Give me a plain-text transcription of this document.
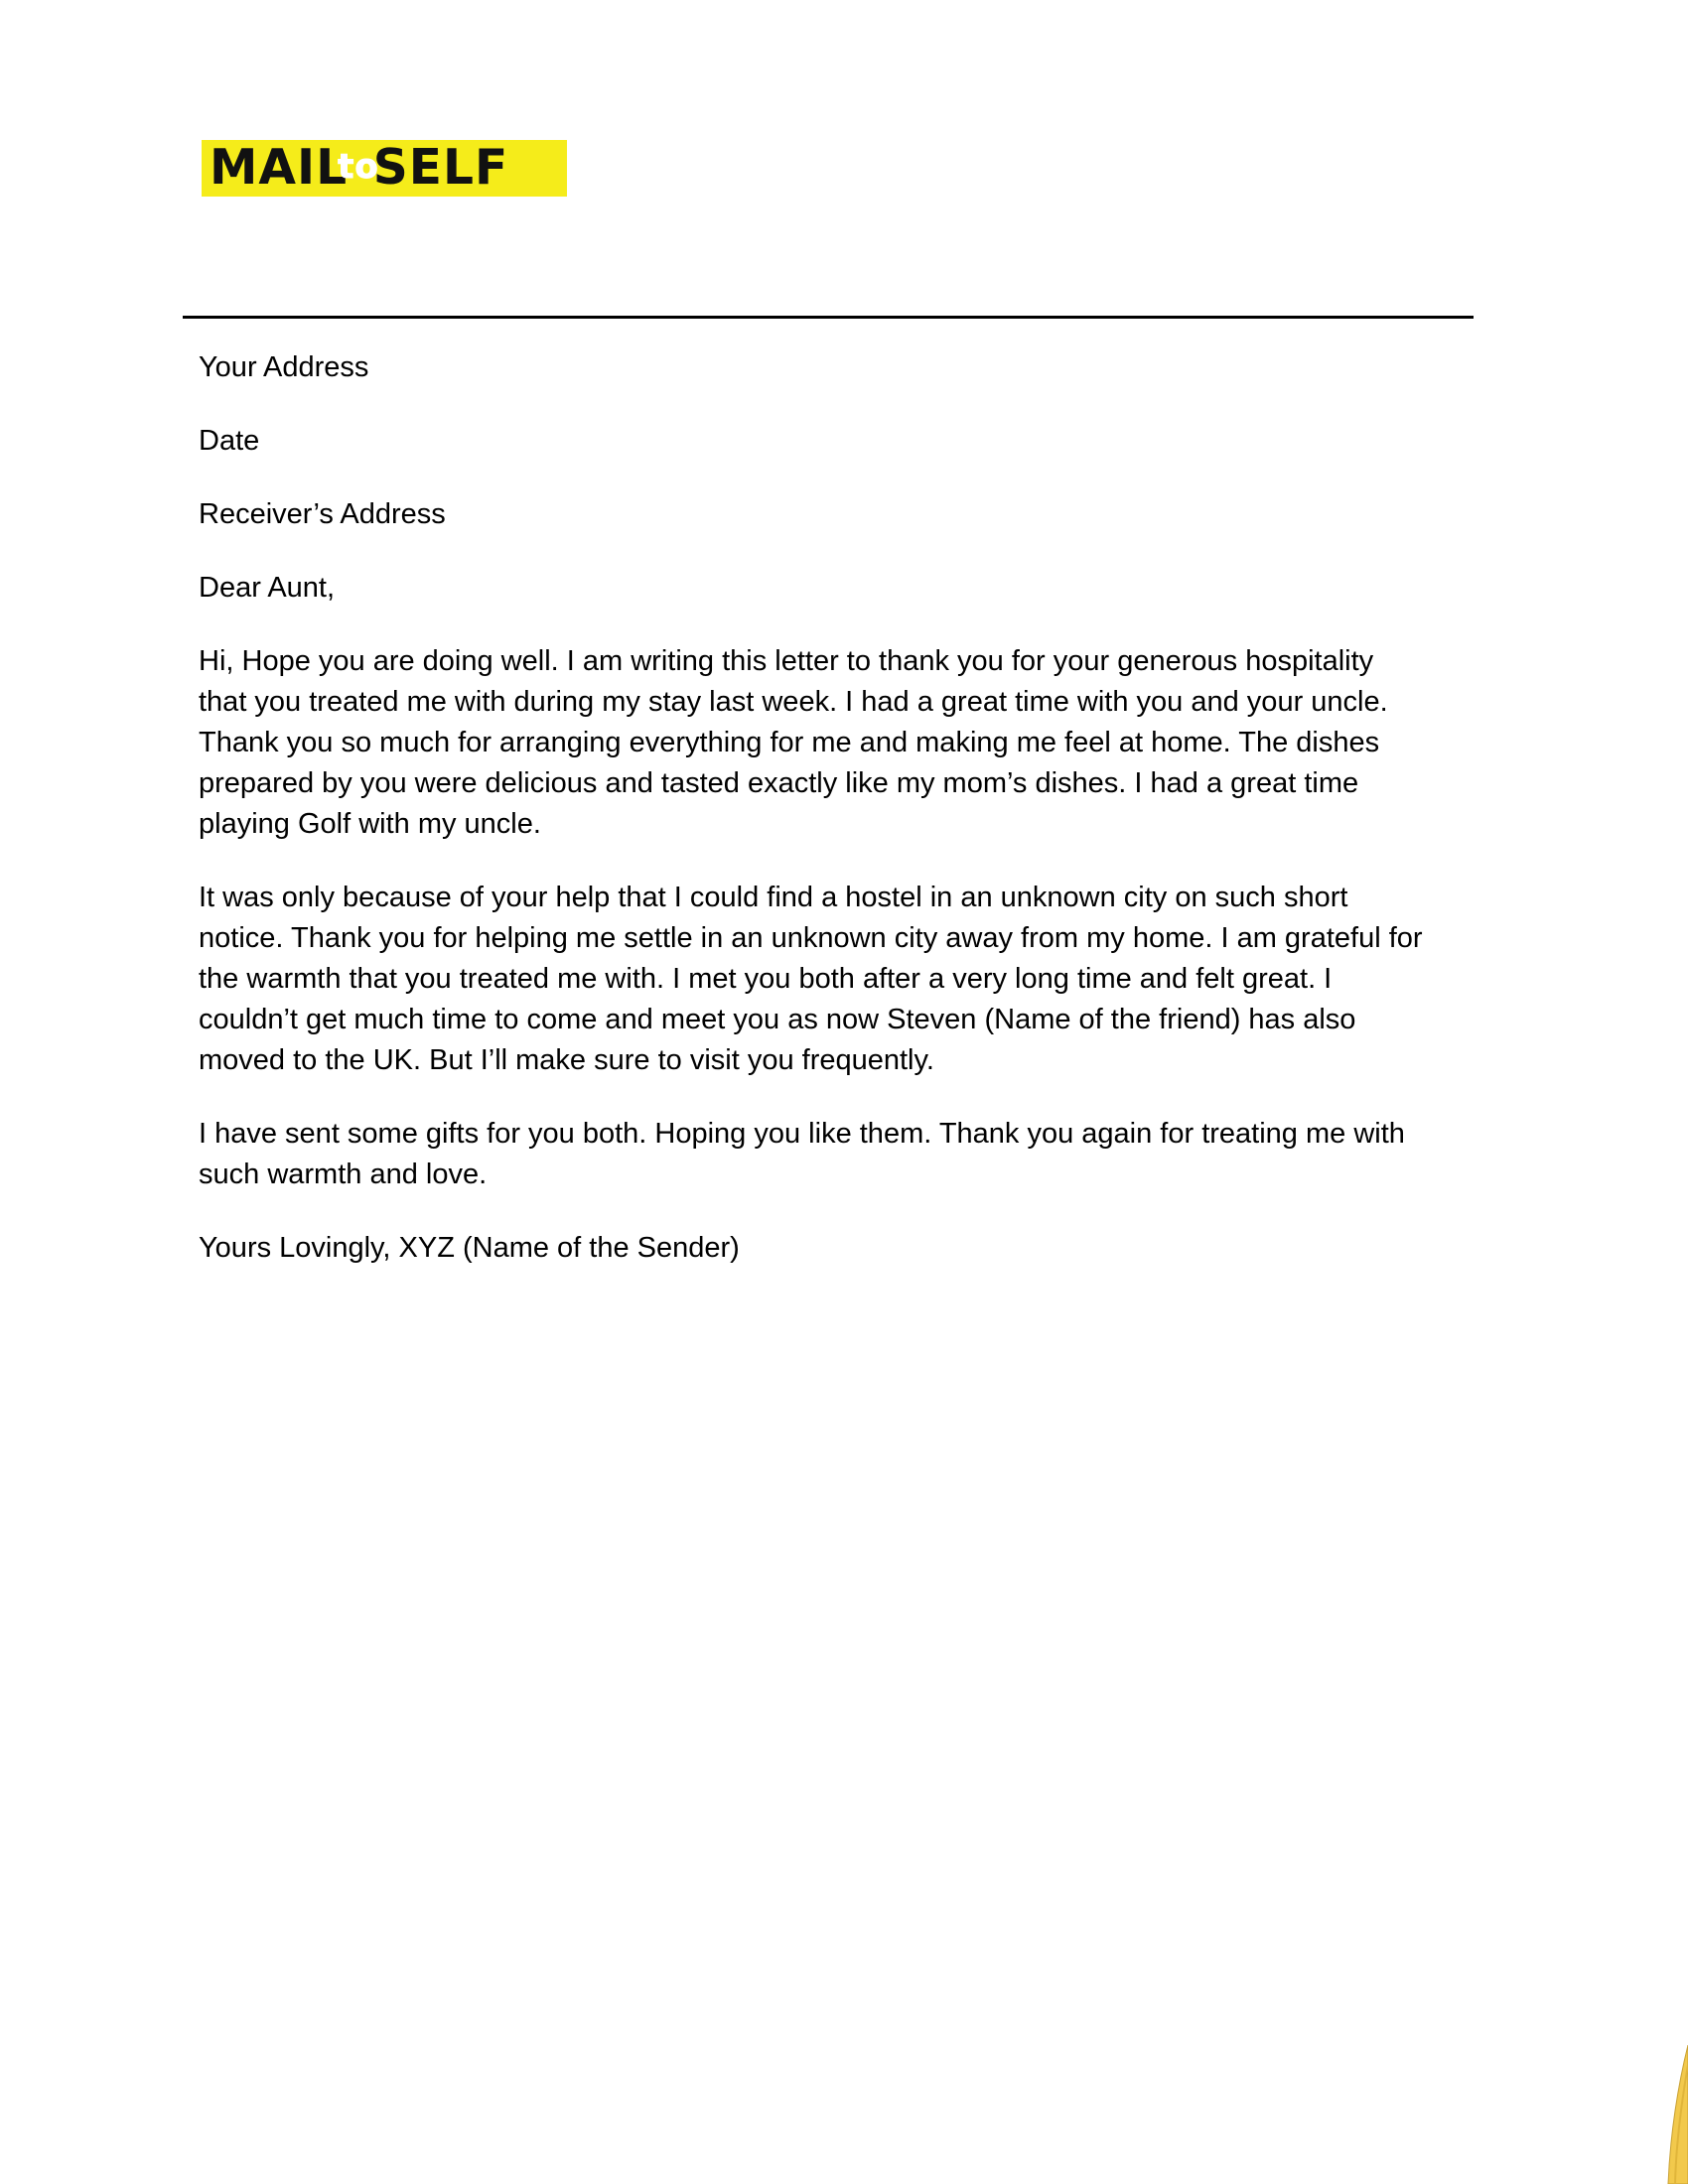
MAIL
to
SELF

Your Address

Date

Receiver’s Address

Dear Aunt,

Hi, Hope you are doing well. I am writing this letter to thank you for your generous hospitality
that you treated me with during my stay last week. I had a great time with you and your uncle.
Thank you so much for arranging everything for me and making me feel at home. The dishes
prepared by you were delicious and tasted exactly like my mom’s dishes. I had a great time
playing Golf with my uncle.

It was only because of your help that I could find a hostel in an unknown city on such short
notice. Thank you for helping me settle in an unknown city away from my home. I am grateful for
the warmth that you treated me with. I met you both after a very long time and felt great. I
couldn’t get much time to come and meet you as now Steven (Name of the friend) has also
moved to the UK. But I’ll make sure to visit you frequently.

I have sent some gifts for you both. Hoping you like them. Thank you again for treating me with
such warmth and love.

Yours Lovingly, XYZ (Name of the Sender)
